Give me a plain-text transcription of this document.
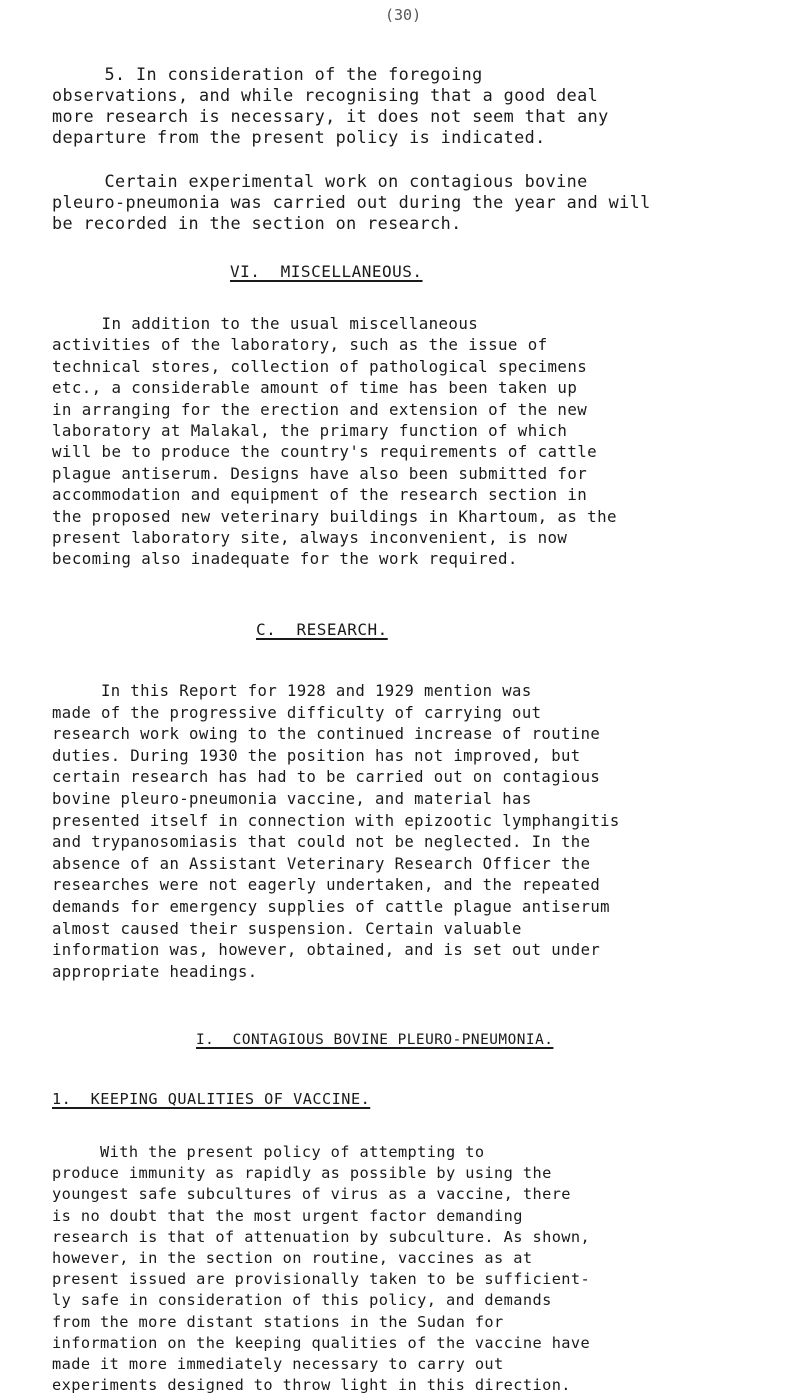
(30)
5. In consideration of the foregoing
observations, and while recognising that a good deal
more research is necessary, it does not seem that any
departure from the present policy is indicated.
Certain experimental work on contagious bovine
pleuro-pneumonia was carried out during the year and will
be recorded in the section on research.
VI.  MISCELLANEOUS.
In addition to the usual miscellaneous
activities of the laboratory, such as the issue of
technical stores, collection of pathological specimens
etc., a considerable amount of time has been taken up
in arranging for the erection and extension of the new
laboratory at Malakal, the primary function of which
will be to produce the country's requirements of cattle
plague antiserum. Designs have also been submitted for
accommodation and equipment of the research section in
the proposed new veterinary buildings in Khartoum, as the
present laboratory site, always inconvenient, is now
becoming also inadequate for the work required.
C.  RESEARCH.
In this Report for 1928 and 1929 mention was
made of the progressive difficulty of carrying out
research work owing to the continued increase of routine
duties. During 1930 the position has not improved, but
certain research has had to be carried out on contagious
bovine pleuro-pneumonia vaccine, and material has
presented itself in connection with epizootic lymphangitis
and trypanosomiasis that could not be neglected. In the
absence of an Assistant Veterinary Research Officer the
researches were not eagerly undertaken, and the repeated
demands for emergency supplies of cattle plague antiserum
almost caused their suspension. Certain valuable
information was, however, obtained, and is set out under
appropriate headings.
I.  CONTAGIOUS BOVINE PLEURO-PNEUMONIA.
1.  KEEPING QUALITIES OF VACCINE.
With the present policy of attempting to
produce immunity as rapidly as possible by using the
youngest safe subcultures of virus as a vaccine, there
is no doubt that the most urgent factor demanding
research is that of attenuation by subculture. As shown,
however, in the section on routine, vaccines as at
present issued are provisionally taken to be sufficient-
ly safe in consideration of this policy, and demands
from the more distant stations in the Sudan for
information on the keeping qualities of the vaccine have
made it more immediately necessary to carry out
experiments designed to throw light in this direction.
